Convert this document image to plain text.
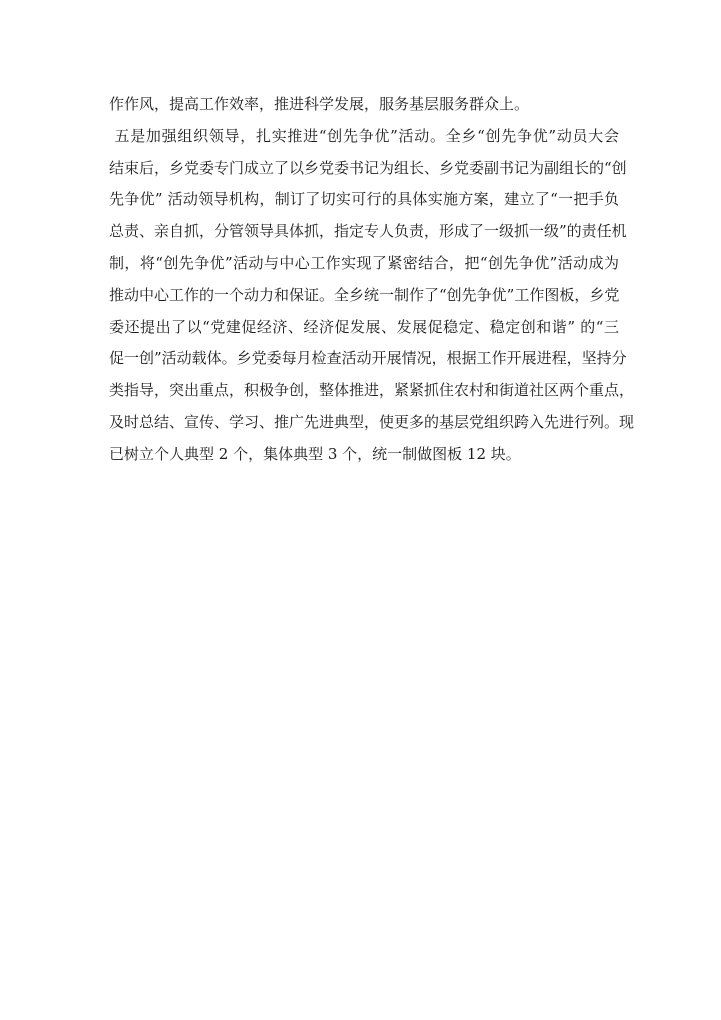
作作风，提高工作效率，推进科学发展，服务基层服务群众上。
五是加强组织领导，扎实推进“创先争优”活动。全乡“创先争优”动员大会
结束后，乡党委专门成立了以乡党委书记为组长、乡党委副书记为副组长的“创
先争优” 活动领导机构，制订了切实可行的具体实施方案，建立了“一把手负
总责、亲自抓，分管领导具体抓，指定专人负责，形成了一级抓一级”的责任机
制，将“创先争优”活动与中心工作实现了紧密结合，把“创先争优”活动成为
推动中心工作的一个动力和保证。全乡统一制作了“创先争优”工作图板，乡党
委还提出了以“党建促经济、经济促发展、发展促稳定、稳定创和谐” 的“三
促一创”活动载体。乡党委每月检查活动开展情况，根据工作开展进程，坚持分
类指导，突出重点，积极争创，整体推进，紧紧抓住农村和街道社区两个重点，
及时总结、宣传、学习、推广先进典型，使更多的基层党组织跨入先进行列。现
已树立个人典型 2 个，集体典型 3 个，统一制做图板 12 块。
